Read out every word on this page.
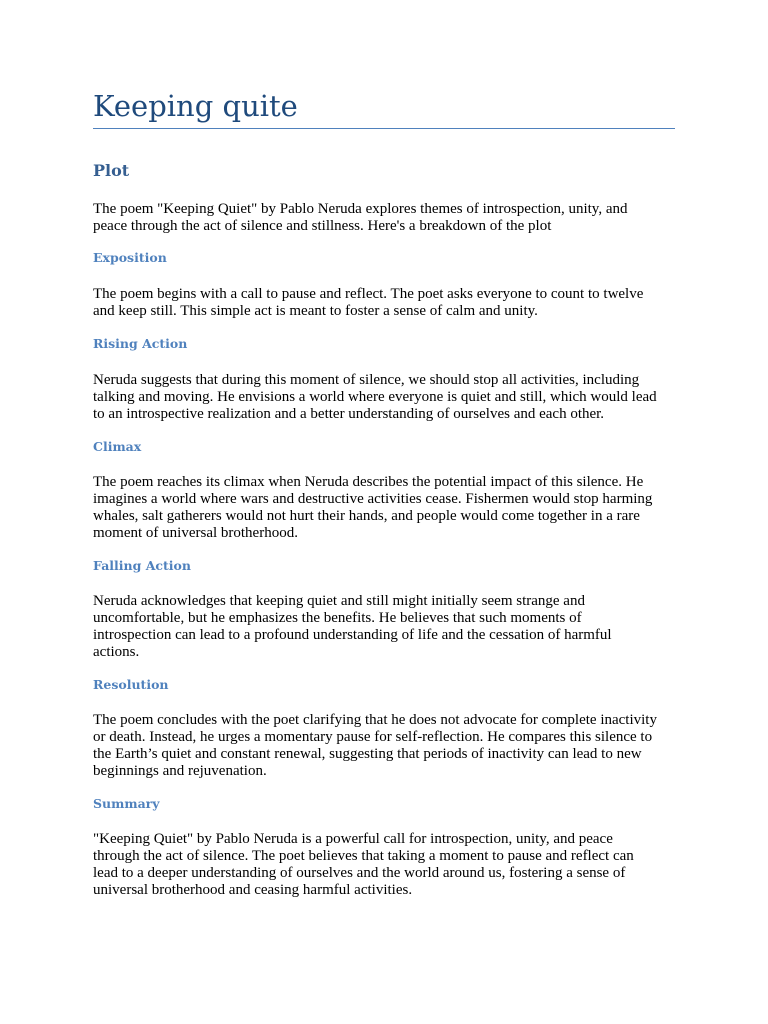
Keeping quite
Plot

The poem "Keeping Quiet" by Pablo Neruda explores themes of introspection, unity, and
peace through the act of silence and stillness. Here's a breakdown of the plot

Exposition

The poem begins with a call to pause and reflect. The poet asks everyone to count to twelve
and keep still. This simple act is meant to foster a sense of calm and unity.

Rising Action

Neruda suggests that during this moment of silence, we should stop all activities, including
talking and moving. He envisions a world where everyone is quiet and still, which would lead
to an introspective realization and a better understanding of ourselves and each other.

Climax

The poem reaches its climax when Neruda describes the potential impact of this silence. He
imagines a world where wars and destructive activities cease. Fishermen would stop harming
whales, salt gatherers would not hurt their hands, and people would come together in a rare
moment of universal brotherhood.

Falling Action

Neruda acknowledges that keeping quiet and still might initially seem strange and
uncomfortable, but he emphasizes the benefits. He believes that such moments of
introspection can lead to a profound understanding of life and the cessation of harmful
actions.

Resolution

The poem concludes with the poet clarifying that he does not advocate for complete inactivity
or death. Instead, he urges a momentary pause for self-reflection. He compares this silence to
the Earth’s quiet and constant renewal, suggesting that periods of inactivity can lead to new
beginnings and rejuvenation.

Summary

"Keeping Quiet" by Pablo Neruda is a powerful call for introspection, unity, and peace
through the act of silence. The poet believes that taking a moment to pause and reflect can
lead to a deeper understanding of ourselves and the world around us, fostering a sense of
universal brotherhood and ceasing harmful activities.
